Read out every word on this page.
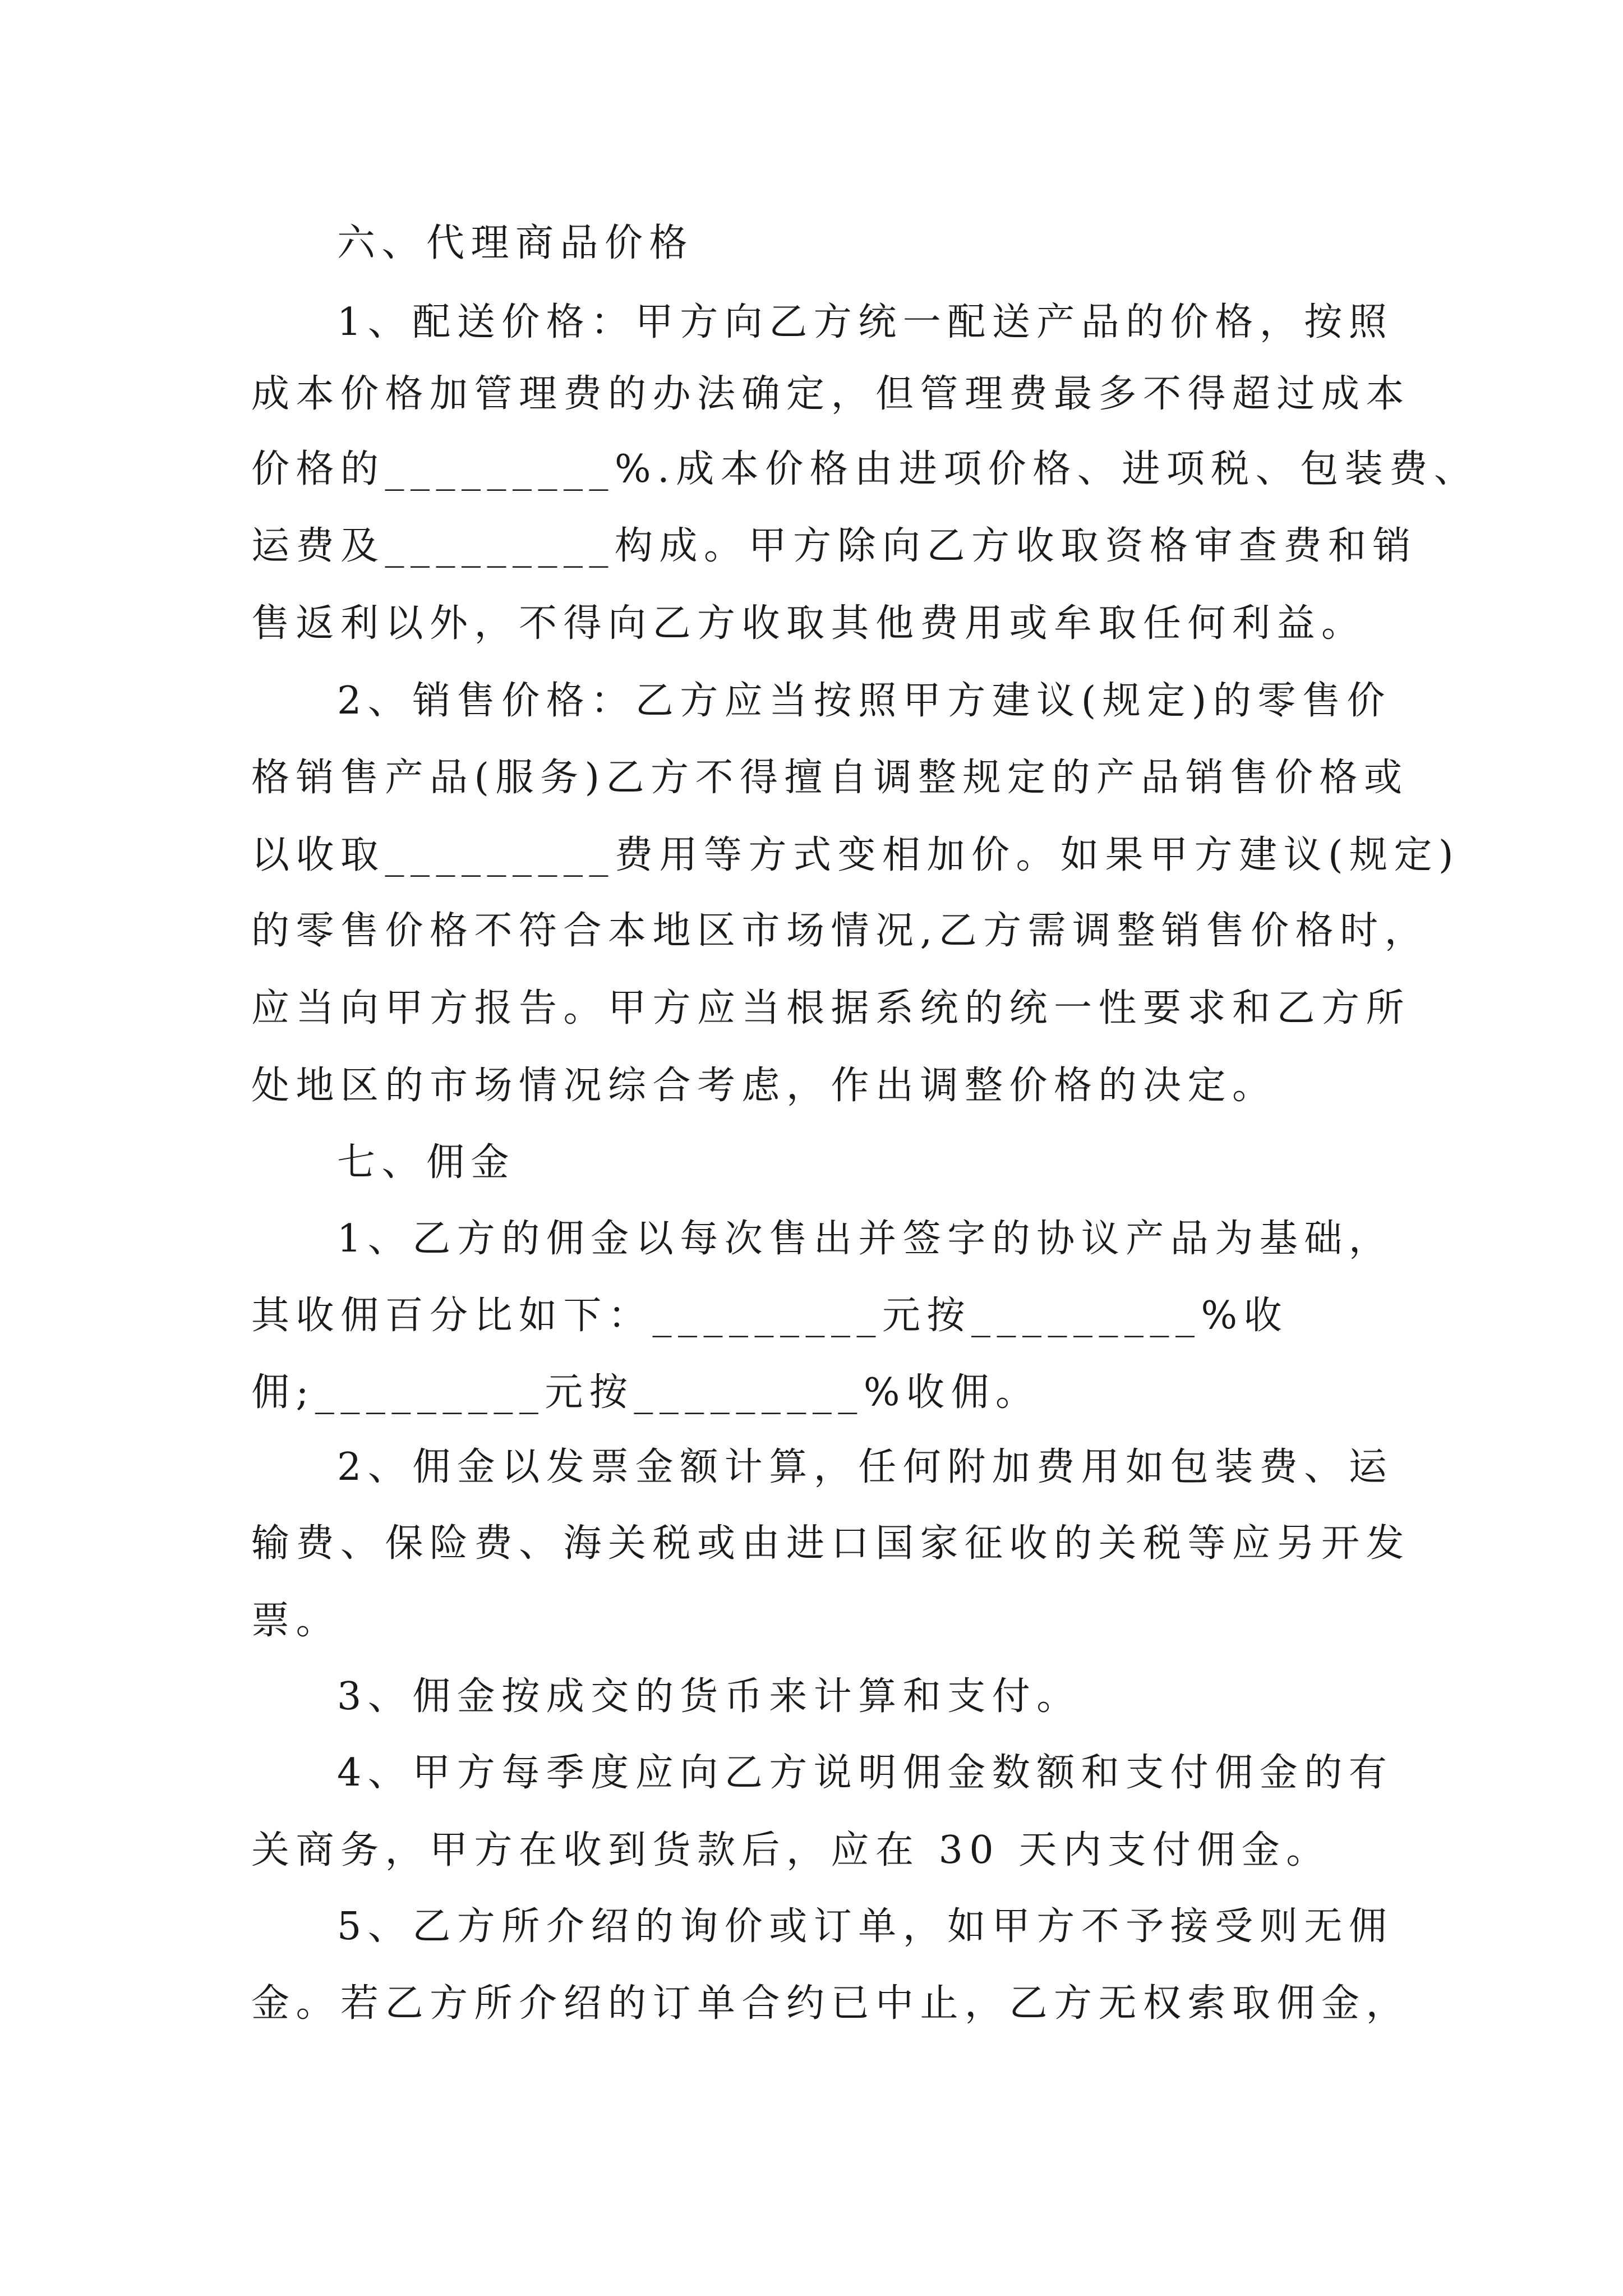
六、代理商品价格
1、配送价格：甲方向乙方统一配送产品的价格，按照
成本价格加管理费的办法确定，但管理费最多不得超过成本
价格的_________%.成本价格由进项价格、进项税、包装费、
运费及_________构成。甲方除向乙方收取资格审查费和销
售返利以外，不得向乙方收取其他费用或牟取任何利益。
2、销售价格：乙方应当按照甲方建议(规定)的零售价
格销售产品(服务)乙方不得擅自调整规定的产品销售价格或
以收取_________费用等方式变相加价。如果甲方建议(规定)
的零售价格不符合本地区市场情况,乙方需调整销售价格时，
应当向甲方报告。甲方应当根据系统的统一性要求和乙方所
处地区的市场情况综合考虑，作出调整价格的决定。
七、佣金
1、乙方的佣金以每次售出并签字的协议产品为基础，
其收佣百分比如下：_________元按_________%收
佣;_________元按_________%收佣。
2、佣金以发票金额计算，任何附加费用如包装费、运
输费、保险费、海关税或由进口国家征收的关税等应另开发
票。
3、佣金按成交的货币来计算和支付。
4、甲方每季度应向乙方说明佣金数额和支付佣金的有
关商务，甲方在收到货款后，应在 30 天内支付佣金。
5、乙方所介绍的询价或订单，如甲方不予接受则无佣
金。若乙方所介绍的订单合约已中止，乙方无权索取佣金，
